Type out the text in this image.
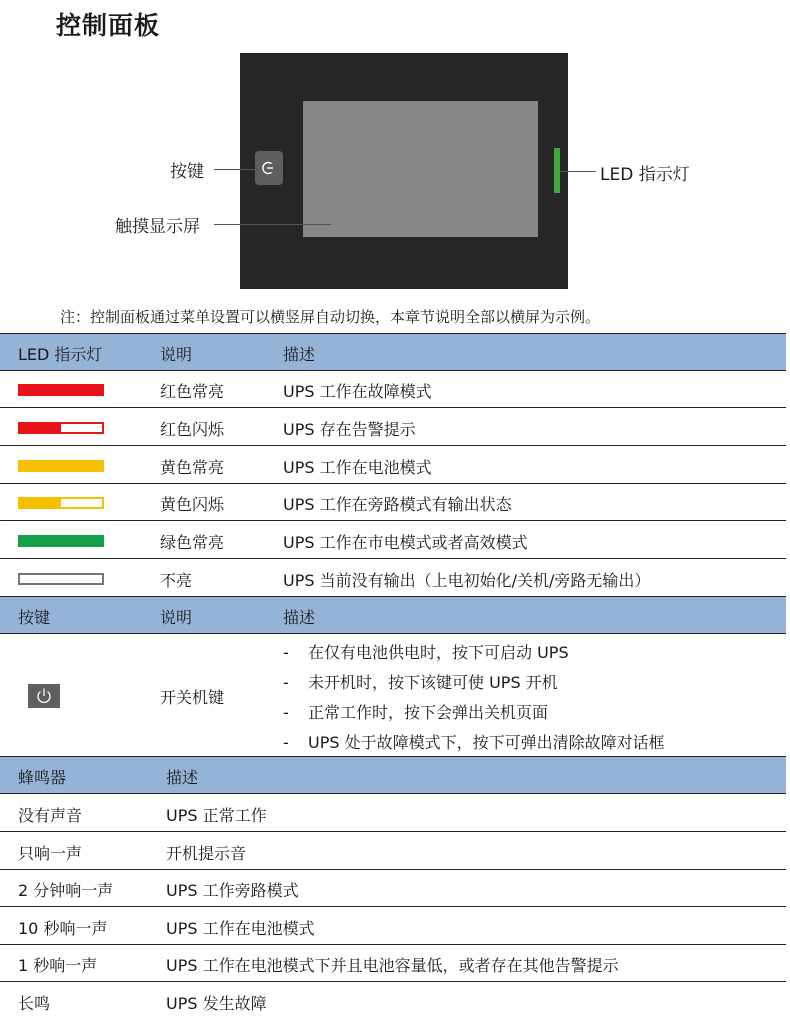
控制面板
按键
触摸显示屏
LED 指示灯
注：控制面板通过菜单设置可以横竖屏自动切换，本章节说明全部以横屏为示例。
LED 指示灯	说明	描述
红色常亮	UPS 工作在故障模式
红色闪烁	UPS 存在告警提示
黄色常亮	UPS 工作在电池模式
黄色闪烁	UPS 工作在旁路模式有输出状态
绿色常亮	UPS 工作在市电模式或者高效模式
不亮	UPS 当前没有输出（上电初始化/关机/旁路无输出）
按键	说明	描述
开关机键
- 在仅有电池供电时，按下可启动 UPS
- 未开机时，按下该键可使 UPS 开机
- 正常工作时，按下会弹出关机页面
- UPS 处于故障模式下，按下可弹出清除故障对话框
蜂鸣器	描述
没有声音	UPS 正常工作
只响一声	开机提示音
2 分钟响一声	UPS 工作旁路模式
10 秒响一声	UPS 工作在电池模式
1 秒响一声	UPS 工作在电池模式下并且电池容量低，或者存在其他告警提示
长鸣	UPS 发生故障
